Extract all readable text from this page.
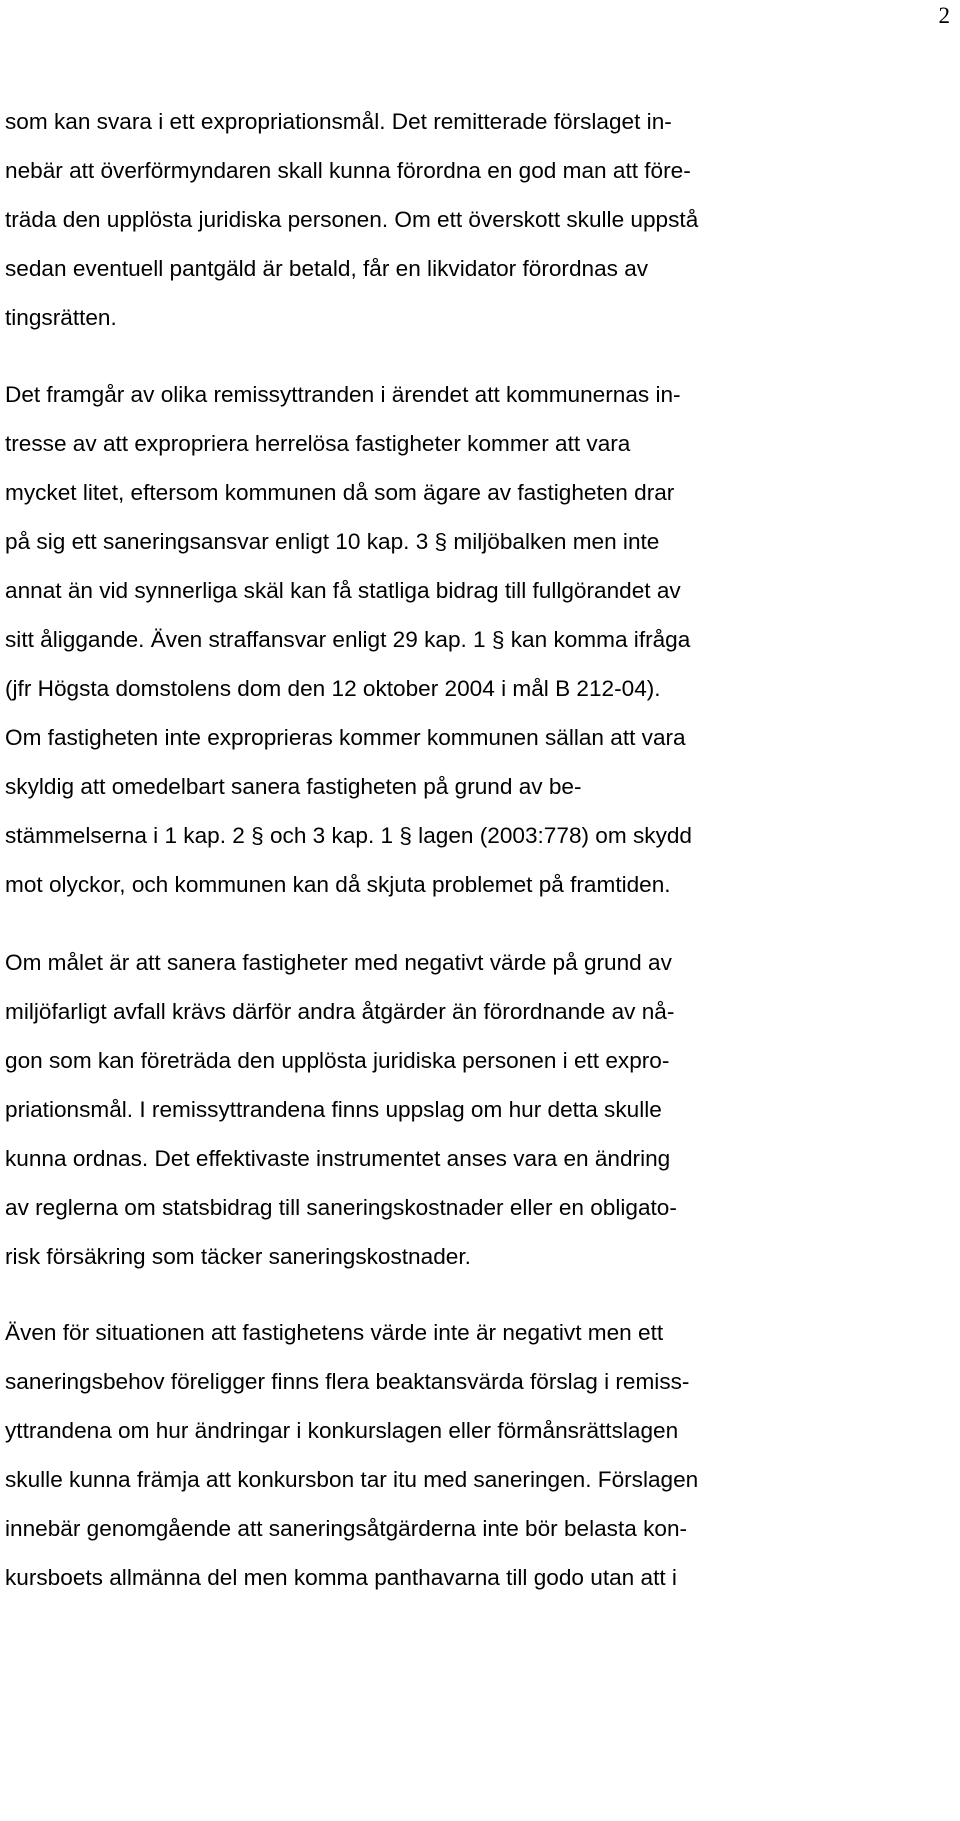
2
som kan svara i ett expropriationsmål. Det remitterade förslaget in-
nebär att överförmyndaren skall kunna förordna en god man att före-
träda den upplösta juridiska personen. Om ett överskott skulle uppstå
sedan eventuell pantgäld är betald, får en likvidator förordnas av
tingsrätten.
Det framgår av olika remissyttranden i ärendet att kommunernas in-
tresse av att expropriera herrelösa fastigheter kommer att vara
mycket litet, eftersom kommunen då som ägare av fastigheten drar
på sig ett saneringsansvar enligt 10 kap. 3 § miljöbalken men inte
annat än vid synnerliga skäl kan få statliga bidrag till fullgörandet av
sitt åliggande. Även straffansvar enligt 29 kap. 1 § kan komma ifråga
(jfr Högsta domstolens dom den 12 oktober 2004 i mål B 212-04).
Om fastigheten inte exproprieras kommer kommunen sällan att vara
skyldig att omedelbart sanera fastigheten på grund av be-
stämmelserna i 1 kap. 2 § och 3 kap. 1 § lagen (2003:778) om skydd
mot olyckor, och kommunen kan då skjuta problemet på framtiden.
Om målet är att sanera fastigheter med negativt värde på grund av
miljöfarligt avfall krävs därför andra åtgärder än förordnande av nå-
gon som kan företräda den upplösta juridiska personen i ett expro-
priationsmål. I remissyttrandena finns uppslag om hur detta skulle
kunna ordnas. Det effektivaste instrumentet anses vara en ändring
av reglerna om statsbidrag till saneringskostnader eller en obligato-
risk försäkring som täcker saneringskostnader.
Även för situationen att fastighetens värde inte är negativt men ett
saneringsbehov föreligger finns flera beaktansvärda förslag i remiss-
yttrandena om hur ändringar i konkurslagen eller förmånsrättslagen
skulle kunna främja att konkursbon tar itu med saneringen. Förslagen
innebär genomgående att saneringsåtgärderna inte bör belasta kon-
kursboets allmänna del men komma panthavarna till godo utan att i
